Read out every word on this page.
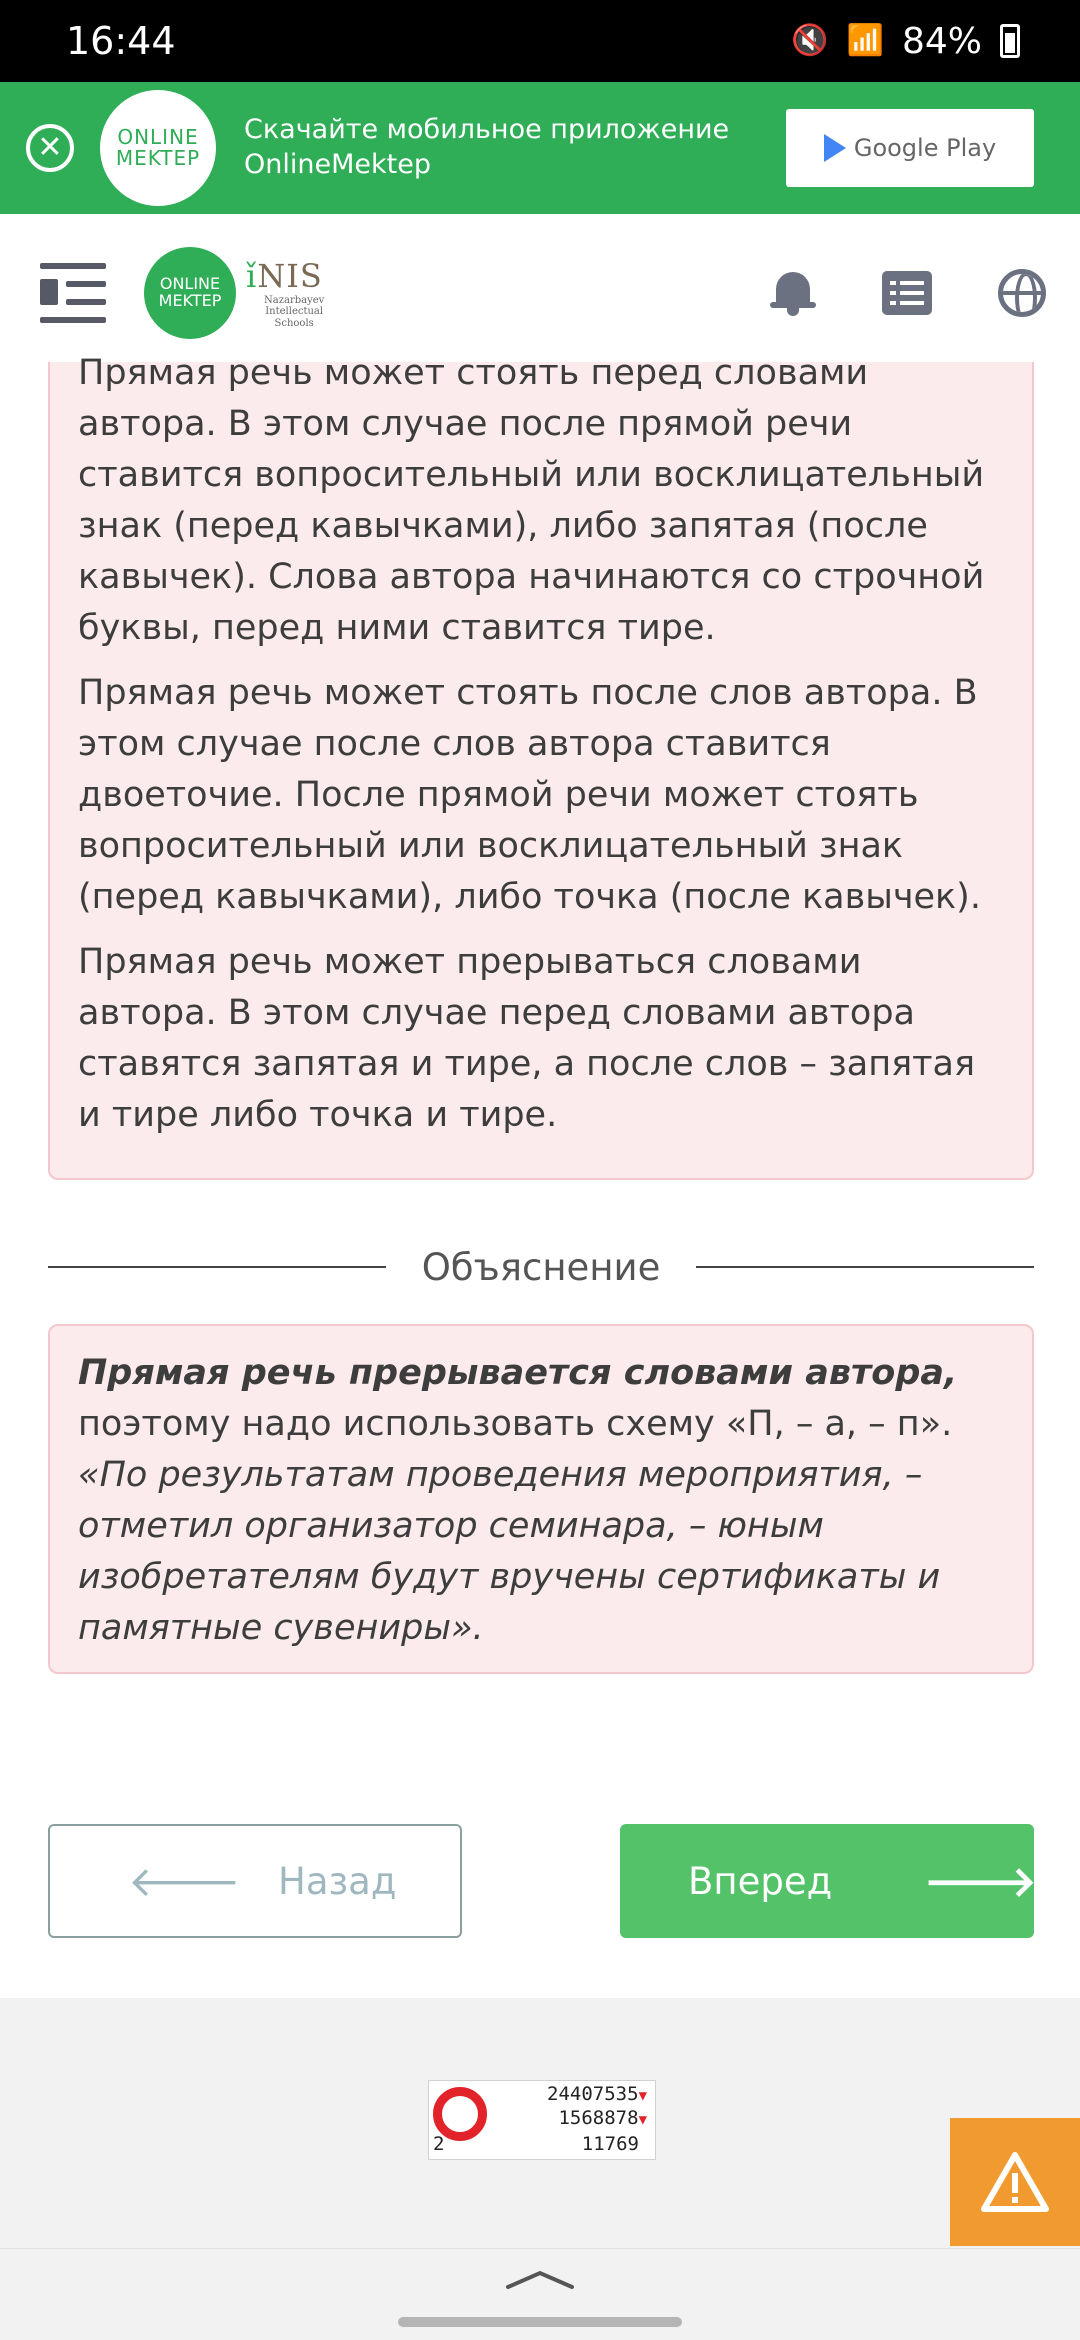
16:44	🔇 📶 84%
✕	ONLINE
MEKTEP
Скачайте мобильное приложение
OnlineMektep
Google Play
ONLINE
MEKTEP
ǐNIS
Nazarbayev
Intellectual
Schools

Прямая речь может стоять перед словами автора. В этом случае после прямой речи ставится вопросительный или восклицательный знак (перед кавычками), либо запятая (после кавычек). Слова автора начинаются со строчной буквы, перед ними ставится тире.

Прямая речь может стоять после слов автора. В этом случае после слов автора ставится двоеточие. После прямой речи может стоять вопросительный или восклицательный знак (перед кавычками), либо точка (после кавычек).

Прямая речь может прерываться словами автора. В этом случае перед словами автора ставятся запятая и тире, а после слов – запятая и тире либо точка и тире.

Объяснение
Прямая речь прерывается словами автора, поэтому надо использовать схему «П, – а, – п».
«По результатам проведения мероприятия, – отметил организатор семинара, – юным изобретателям будут вручены сертификаты и памятные сувениры».
🡐 Назад	Вперед 🡒
24407535▼
1568878▼
2	11769
